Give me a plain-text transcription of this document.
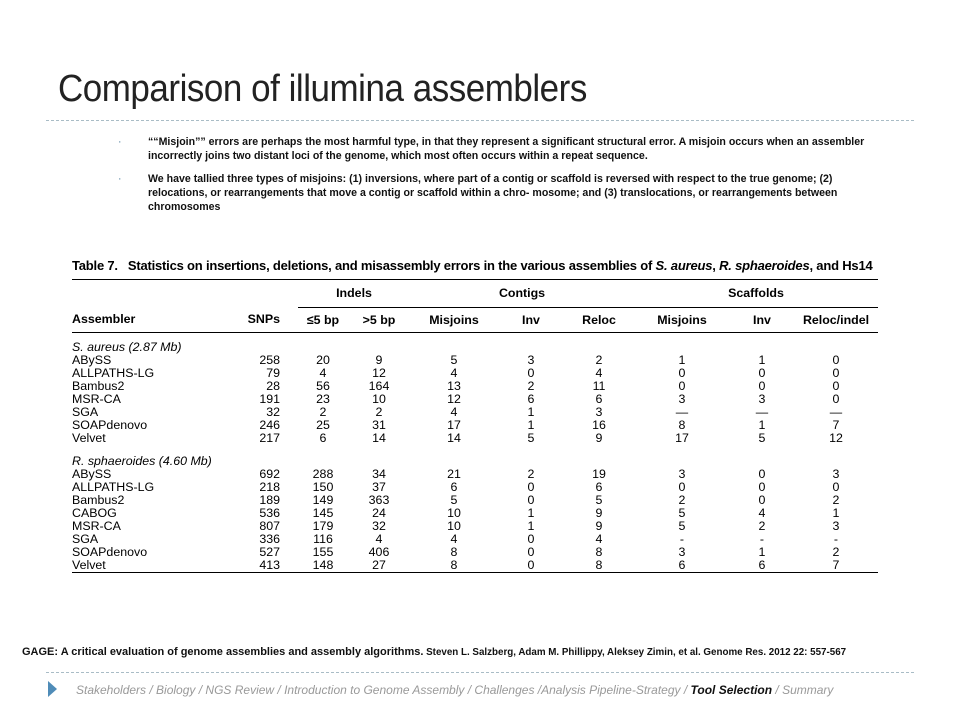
Comparison of illumina assemblers
· ““Misjoin”” errors are perhaps the most harmful type, in that they represent a significant structural error. A misjoin occurs when an assembler incorrectly joins two distant loci of the genome, which most often occurs within a repeat sequence.
· We have tallied three types of misjoins: (1) inversions, where part of a contig or scaffold is reversed with respect to the true genome; (2) relocations, or rearrangements that move a contig or scaffold within a chro- mosome; and (3) translocations, or rearrangements between chromosomes
Table 7. Statistics on insertions, deletions, and misassembly errors in the various assemblies of S. aureus, R. sphaeroides, and Hs14

		Indels		Contigs			Scaffolds		
Assembler	SNPs	≤5 bp	>5 bp	Misjoins	Inv	Reloc	Misjoins	Inv	Reloc/indel

S. aureus (2.87 Mb)									
ABySS	258	20	9	5	3	2	1	1	0
ALLPATHS-LG	79	4	12	4	0	4	0	0	0
Bambus2	28	56	164	13	2	11	0	0	0
MSR-CA	191	23	10	12	6	6	3	3	0
SGA	32	2	2	4	1	3	—	—	—
SOAPdenovo	246	25	31	17	1	16	8	1	7
Velvet	217	6	14	14	5	9	17	5	12

R. sphaeroides (4.60 Mb)									
ABySS	692	288	34	21	2	19	3	0	3
ALLPATHS-LG	218	150	37	6	0	6	0	0	0
Bambus2	189	149	363	5	0	5	2	0	2
CABOG	536	145	24	10	1	9	5	4	1
MSR-CA	807	179	32	10	1	9	5	2	3
SGA	336	116	4	4	0	4	-	-	-
SOAPdenovo	527	155	406	8	0	8	3	1	2
Velvet	413	148	27	8	0	8	6	6	7

GAGE: A critical evaluation of genome assemblies and assembly algorithms. Steven L. Salzberg, Adam M. Phillippy, Aleksey Zimin, et al. Genome Res. 2012 22: 557-567
Stakeholders / Biology / NGS Review / Introduction to Genome Assembly / Challenges /Analysis Pipeline-Strategy / Tool Selection / Summary
